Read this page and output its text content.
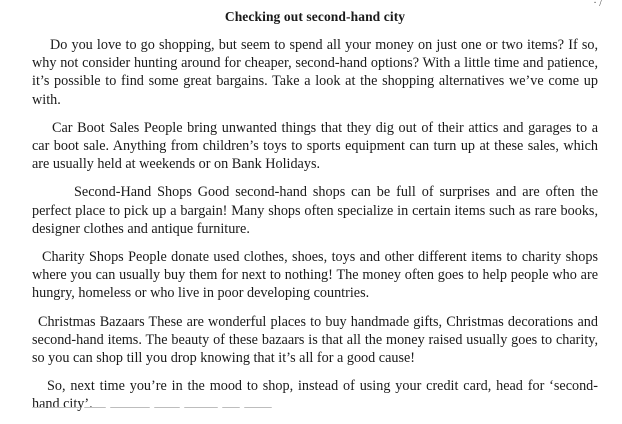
· /
Checking out second-hand city

Do you love to go shopping, but seem to spend all your money on just one or two items? If so, why not consider hunting around for cheaper, second-hand options? With a little time and patience, it’s possible to find some great bargains. Take a look at the shopping alternatives we’ve come up with.

Car Boot Sales People bring unwanted things that they dig out of their attics and garages to a car boot sale. Anything from children’s toys to sports equipment can turn up at these sales, which are usually held at weekends or on Bank Holidays.

Second-Hand Shops Good second-hand shops can be full of surprises and are often the perfect place to pick up a bargain! Many shops often specialize in certain items such as rare books, designer clothes and antique furniture.

Charity Shops People donate used clothes, shoes, toys and other different items to charity shops where you can usually buy them for next to nothing! The money often goes to help people who are hungry, homeless or who live in poor developing countries.

Christmas Bazaars These are wonderful places to buy handmade gifts, Christmas decorations and second-hand items. The beauty of these bazaars is that all the money raised usually goes to charity, so you can shop till you drop knowing that it’s all for a good cause!

So, next time you’re in the mood to shop, instead of using your credit card, head for ‘second-hand city’.
